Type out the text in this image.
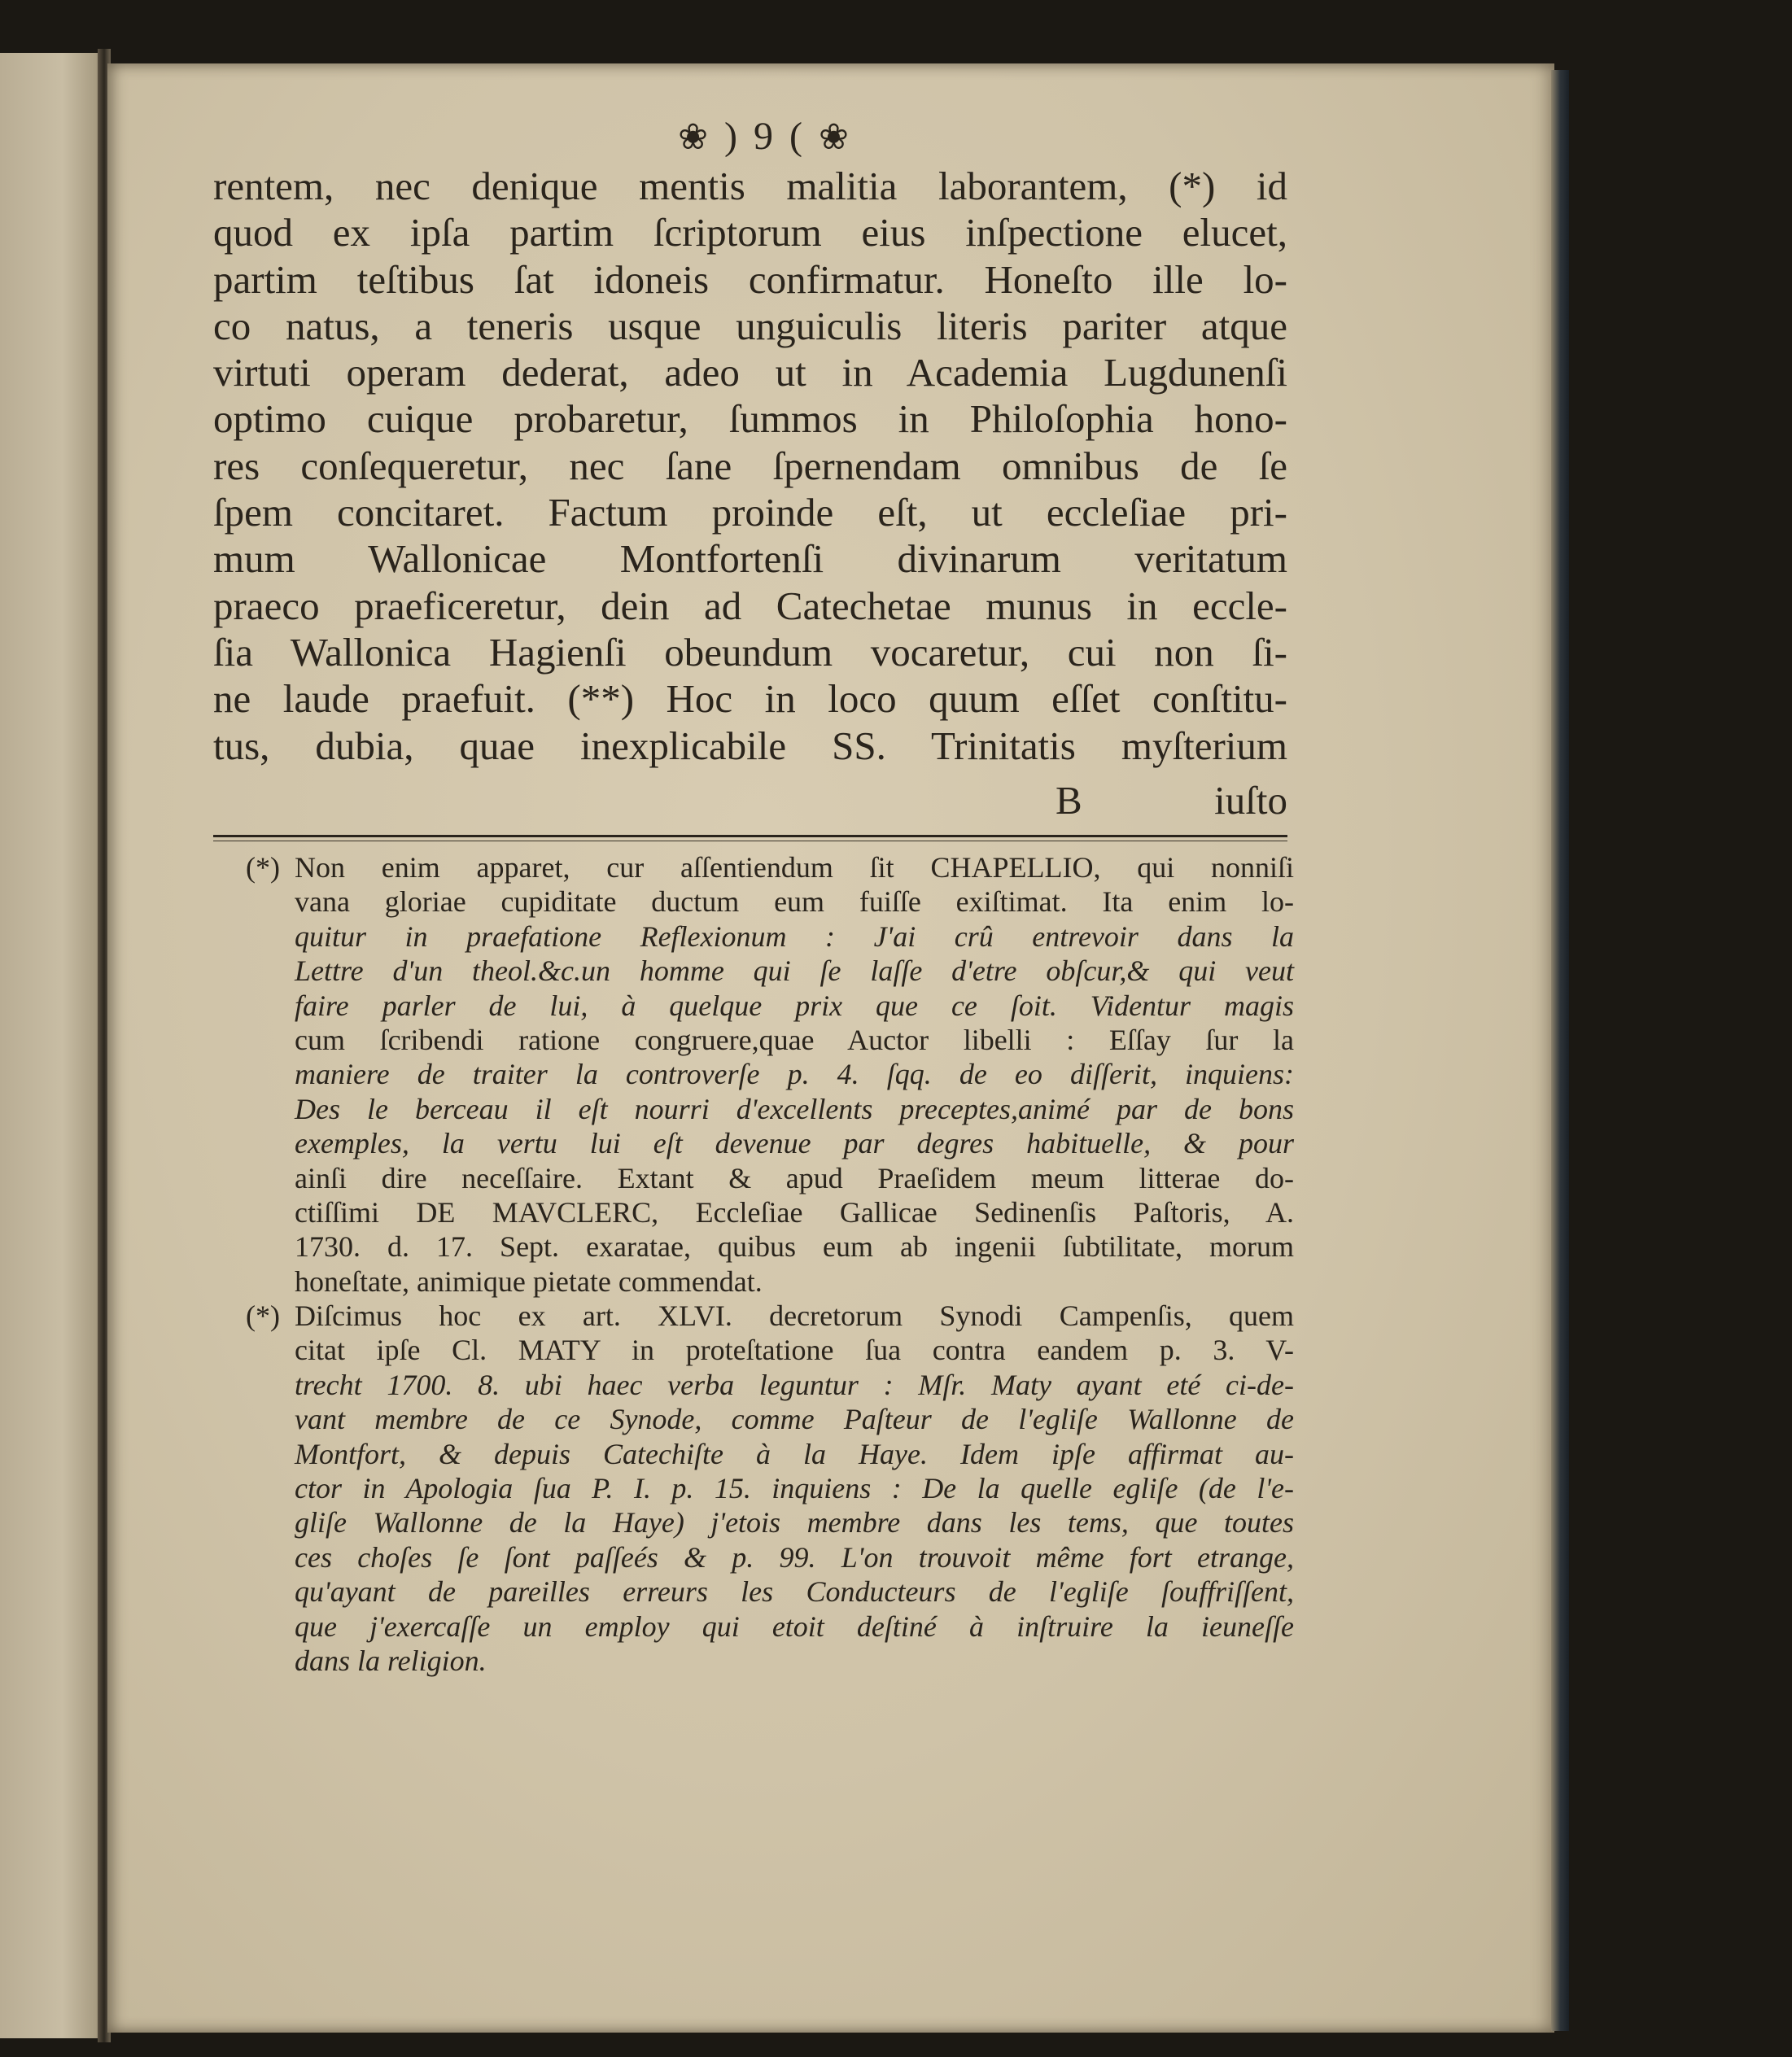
❀ ) 9 ( ❀
rentem, nec denique mentis malitia laborantem, (*) id
quod ex ipſa partim ſcriptorum eius inſpectione elucet,
partim teſtibus ſat idoneis confirmatur. Honeſto ille lo-
co natus, a teneris usque unguiculis literis pariter atque
virtuti operam dederat, adeo ut in Academia Lugdunenſi
optimo cuique probaretur, ſummos in Philoſophia hono-
res conſequeretur, nec ſane ſpernendam omnibus de ſe
ſpem concitaret. Factum proinde eſt, ut eccleſiae pri-
mum Wallonicae Montfortenſi divinarum veritatum
praeco praeficeretur, dein ad Catechetae munus in eccle-
ſia Wallonica Hagienſi obeundum vocaretur, cui non ſi-
ne laude praefuit. (**) Hoc in loco quum eſſet conſtitu-
tus, dubia, quae inexplicabile SS. Trinitatis myſterium
B	iuſto
(*) Non enim apparet, cur aſſentiendum ſit CHAPELLIO, qui nonniſi
vana gloriae cupiditate ductum eum fuiſſe exiſtimat. Ita enim lo-
quitur in praefatione Reflexionum : J'ai crû entrevoir dans la
Lettre d'un theol.&c.un homme qui ſe laſſe d'etre obſcur,& qui veut
faire parler de lui, à quelque prix que ce ſoit. Videntur magis
cum ſcribendi ratione congruere,quae Auctor libelli : Eſſay ſur la
maniere de traiter la controverſe p. 4. ſqq. de eo diſſerit, inquiens:
Des le berceau il eſt nourri d'excellents preceptes,animé par de bons
exemples, la vertu lui eſt devenue par degres habituelle, & pour
ainſi dire neceſſaire. Extant & apud Praeſidem meum litterae do-
ctiſſimi DE MAVCLERC, Eccleſiae Gallicae Sedinenſis Paſtoris, A.
1730. d. 17. Sept. exaratae, quibus eum ab ingenii ſubtilitate, morum
honeſtate, animique pietate commendat.
(*) Diſcimus hoc ex art. XLVI. decretorum Synodi Campenſis, quem
citat ipſe Cl. MATY in proteſtatione ſua contra eandem p. 3. V-
trecht 1700. 8. ubi haec verba leguntur : Mſr. Maty ayant eté ci-de-
vant membre de ce Synode, comme Paſteur de l'egliſe Wallonne de
Montfort, & depuis Catechiſte à la Haye. Idem ipſe affirmat au-
ctor in Apologia ſua P. I. p. 15. inquiens : De la quelle egliſe (de l'e-
gliſe Wallonne de la Haye) j'etois membre dans les tems, que toutes
ces choſes ſe ſont paſſeés & p. 99. L'on trouvoit même fort etrange,
qu'ayant de pareilles erreurs les Conducteurs de l'egliſe ſouffriſſent,
que j'exercaſſe un employ qui etoit deſtiné à inſtruire la ieuneſſe
dans la religion.
